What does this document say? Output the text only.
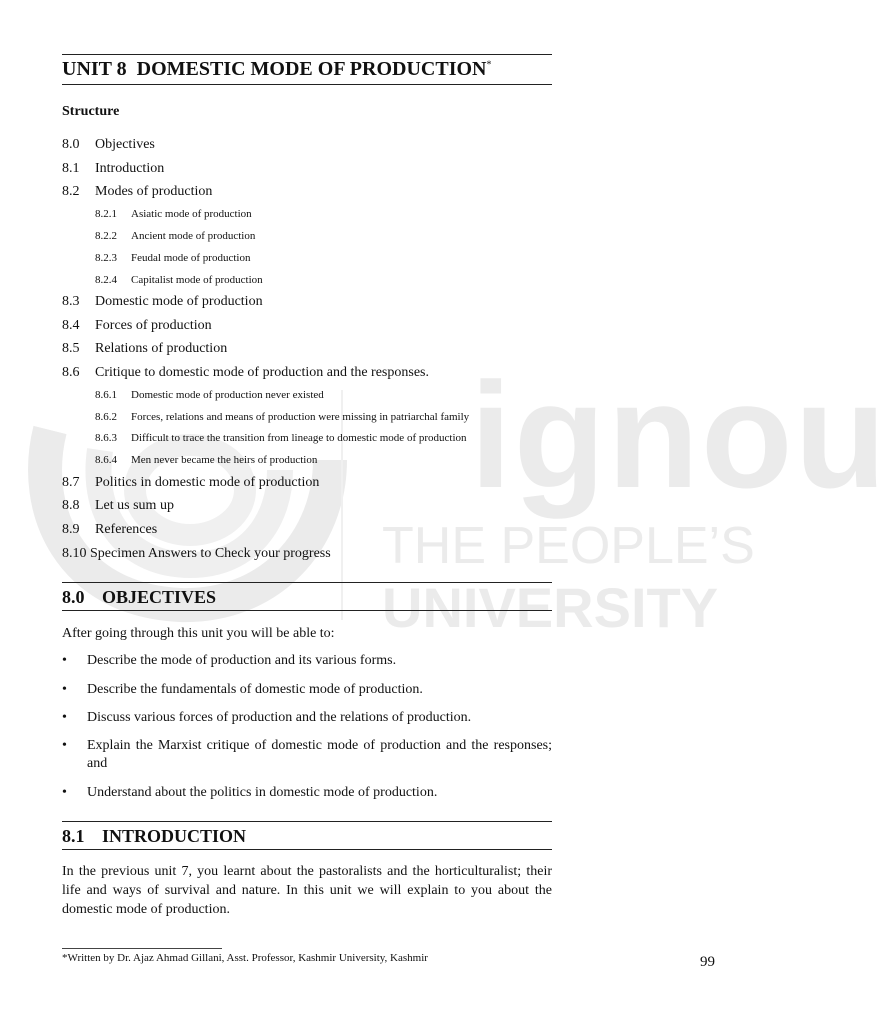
ignou
THE PEOPLE’S
UNIVERSITY
UNIT 8  DOMESTIC MODE OF PRODUCTION*
Structure
8.0 Objectives
8.1 Introduction
8.2 Modes of production
8.2.1 Asiatic mode of production
8.2.2 Ancient mode of production
8.2.3 Feudal mode of production
8.2.4 Capitalist mode of production
8.3 Domestic mode of production
8.4 Forces of production
8.5 Relations of production
8.6 Critique to domestic mode of production and the responses.
8.6.1 Domestic mode of production never existed
8.6.2 Forces, relations and means of production were missing in patriarchal family
8.6.3 Difficult to trace the transition from lineage to domestic mode of production
8.6.4 Men never became the heirs of production
8.7 Politics in domestic mode of production
8.8 Let us sum up
8.9 References
8.10 Specimen Answers to Check your progress
8.0 OBJECTIVES
After going through this unit you will be able to:
• Describe the mode of production and its various forms.
• Describe the fundamentals of domestic mode of production.
• Discuss various forces of production and the relations of production.
• Explain the Marxist critique of domestic mode of production and the responses; and
• Understand about the politics in domestic mode of production.
8.1 INTRODUCTION
In the previous unit 7, you learnt about the pastoralists and the horticulturalist; their life and ways of survival and nature. In this unit we will explain to you about the domestic mode of production.
*Written by Dr. Ajaz Ahmad Gillani, Asst. Professor, Kashmir University, Kashmir	99
